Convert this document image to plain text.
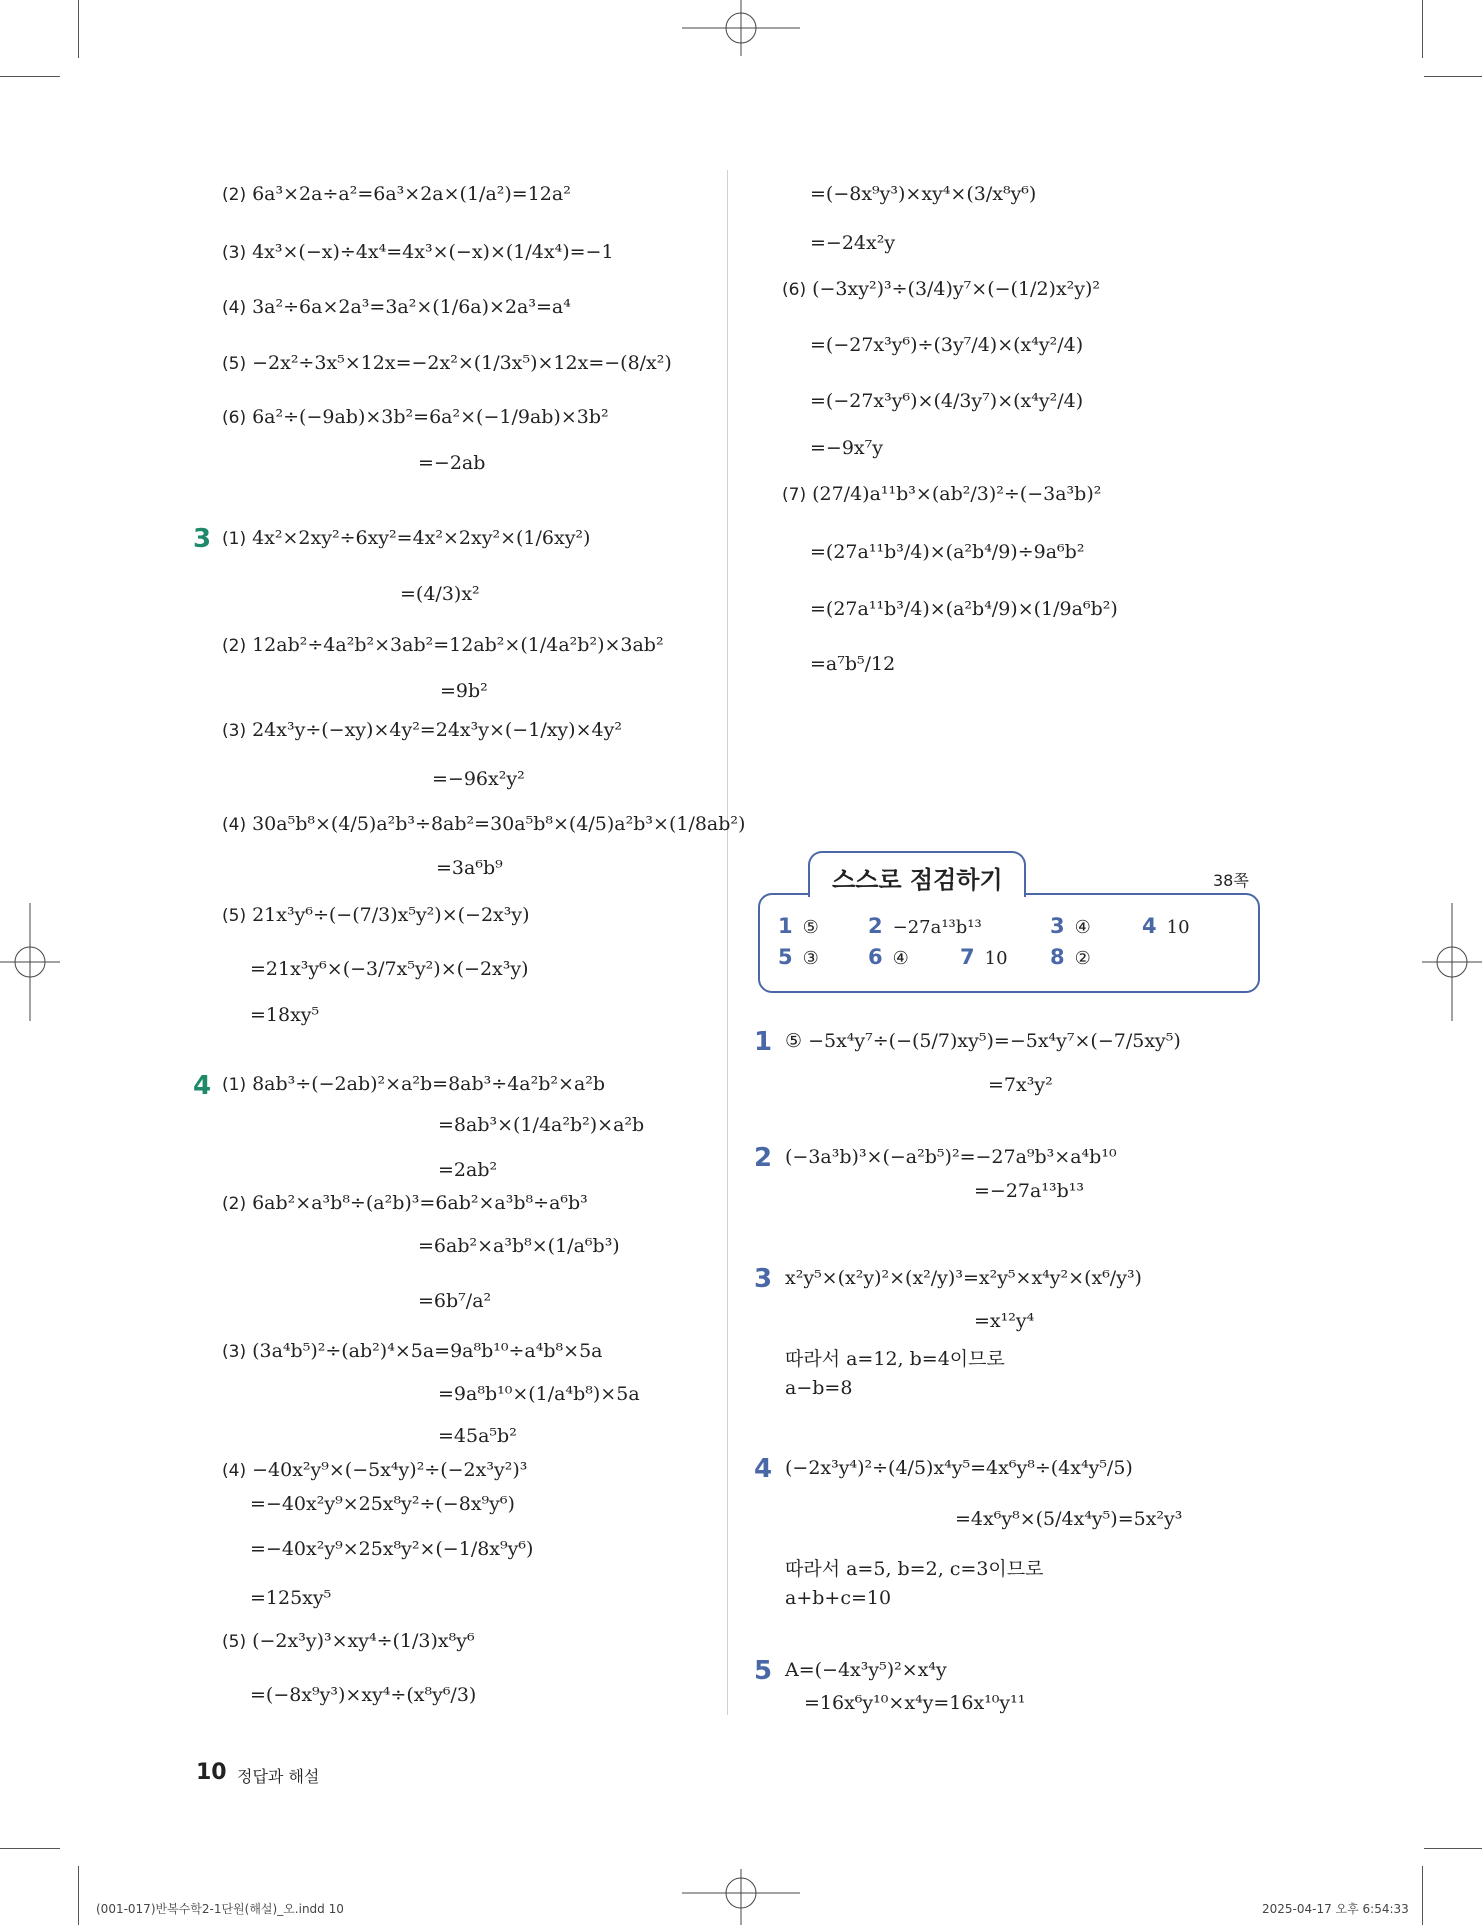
(2) 6a³×2a÷a²=6a³×2a×(1/a²)=12a²
(3) 4x³×(−x)÷4x⁴=4x³×(−x)×(1/4x⁴)=−1
(4) 3a²÷6a×2a³=3a²×(1/6a)×2a³=a⁴
(5) −2x²÷3x⁵×12x=−2x²×(1/3x⁵)×12x=−(8/x²)
(6) 6a²÷(−9ab)×3b²=6a²×(−1/9ab)×3b²
=−2ab
3 (1) 4x²×2xy²÷6xy²=4x²×2xy²×(1/6xy²)
=(4/3)x²
(2) 12ab²÷4a²b²×3ab²=12ab²×(1/4a²b²)×3ab²
=9b²
(3) 24x³y÷(−xy)×4y²=24x³y×(−1/xy)×4y²
=−96x²y²
(4) 30a⁵b⁸×(4/5)a²b³÷8ab²=30a⁵b⁸×(4/5)a²b³×(1/8ab²)
=3a⁶b⁹
(5) 21x³y⁶÷(−(7/3)x⁵y²)×(−2x³y)
=21x³y⁶×(−3/7x⁵y²)×(−2x³y)
=18xy⁵
4 (1) 8ab³÷(−2ab)²×a²b=8ab³÷4a²b²×a²b
=8ab³×(1/4a²b²)×a²b
=2ab²
(2) 6ab²×a³b⁸÷(a²b)³=6ab²×a³b⁸÷a⁶b³
=6ab²×a³b⁸×(1/a⁶b³)
=6b⁷/a²
(3) (3a⁴b⁵)²÷(ab²)⁴×5a=9a⁸b¹⁰÷a⁴b⁸×5a
=9a⁸b¹⁰×(1/a⁴b⁸)×5a
=45a⁵b²
(4) −40x²y⁹×(−5x⁴y)²÷(−2x³y²)³
=−40x²y⁹×25x⁸y²÷(−8x⁹y⁶)
=−40x²y⁹×25x⁸y²×(−1/8x⁹y⁶)
=125xy⁵
(5) (−2x³y)³×xy⁴÷(1/3)x⁸y⁶
=(−8x⁹y³)×xy⁴÷(x⁸y⁶/3)
=(−8x⁹y³)×xy⁴×(3/x⁸y⁶)
=−24x²y
(6) (−3xy²)³÷(3/4)y⁷×(−(1/2)x²y)²
=(−27x³y⁶)÷(3y⁷/4)×(x⁴y²/4)
=(−27x³y⁶)×(4/3y⁷)×(x⁴y²/4)
=−9x⁷y
(7) (27/4)a¹¹b³×(ab²/3)²÷(−3a³b)²
=(27a¹¹b³/4)×(a²b⁴/9)÷9a⁶b²
=(27a¹¹b³/4)×(a²b⁴/9)×(1/9a⁶b²)
=a⁷b⁵/12
스스로 점검하기	38쪽
1 ⑤ 2 −27a¹³b¹³	3 ④ 4 10
5 ③ 6 ④ 7 10 8 ②
1 ⑤ −5x⁴y⁷÷(−(5/7)xy⁵)=−5x⁴y⁷×(−7/5xy⁵)
=7x³y²
2 (−3a³b)³×(−a²b⁵)²=−27a⁹b³×a⁴b¹⁰
=−27a¹³b¹³
3 x²y⁵×(x²y)²×(x²/y)³=x²y⁵×x⁴y²×(x⁶/y³)
=x¹²y⁴
따라서 a=12, b=4이므로
a−b=8
4 (−2x³y⁴)²÷(4/5)x⁴y⁵=4x⁶y⁸÷(4x⁴y⁵/5)
=4x⁶y⁸×(5/4x⁴y⁵)=5x²y³
따라서 a=5, b=2, c=3이므로
a+b+c=10
5 A=(−4x³y⁵)²×x⁴y
=16x⁶y¹⁰×x⁴y=16x¹⁰y¹¹
10 정답과 해설
(001-017)반복수학2-1단원(해설)_오.indd 10	2025-04-17 오후 6:54:33
